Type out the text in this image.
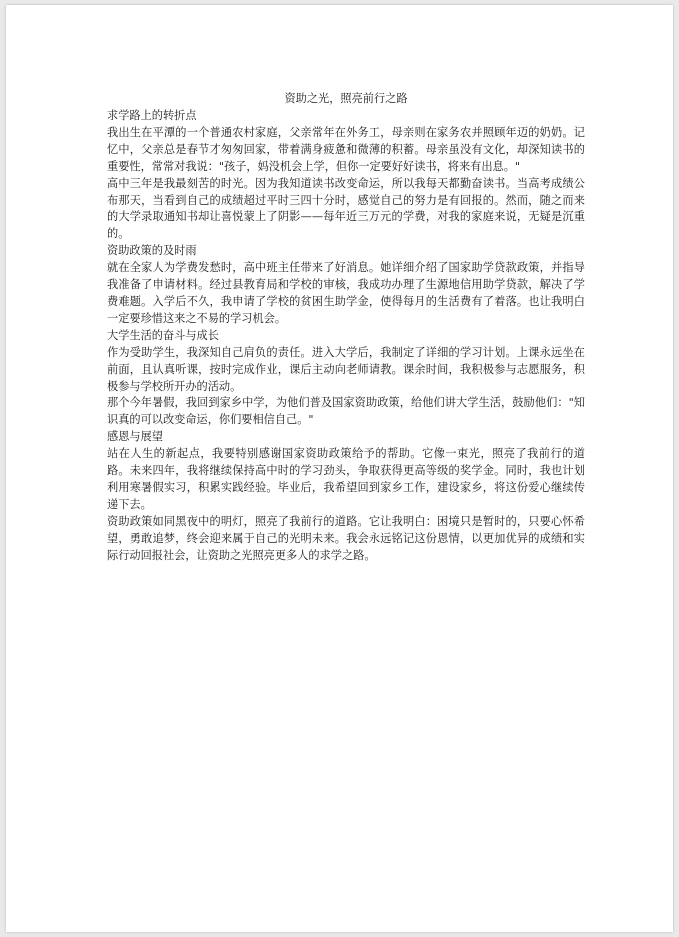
资助之光，照亮前行之路
求学路上的转折点

我出生在平潭的一个普通农村家庭，父亲常年在外务工，母亲则在家务农并照顾年迈的奶奶。记忆中，父亲总是春节才匆匆回家，带着满身疲惫和微薄的积蓄。母亲虽没有文化，却深知读书的重要性，常常对我说："孩子，妈没机会上学，但你一定要好好读书，将来有出息。"

高中三年是我最刻苦的时光。因为我知道读书改变命运，所以我每天都勤奋读书。当高考成绩公布那天，当看到自己的成绩超过平时三四十分时，感觉自己的努力是有回报的。然而，随之而来的大学录取通知书却让喜悦蒙上了阴影——每年近三万元的学费，对我的家庭来说，无疑是沉重的。

资助政策的及时雨

就在全家人为学费发愁时，高中班主任带来了好消息。她详细介绍了国家助学贷款政策，并指导我准备了申请材料。经过县教育局和学校的审核，我成功办理了生源地信用助学贷款，解决了学费难题。入学后不久，我申请了学校的贫困生助学金，使得每月的生活费有了着落。也让我明白一定要珍惜这来之不易的学习机会。

大学生活的奋斗与成长

作为受助学生，我深知自己肩负的责任。进入大学后，我制定了详细的学习计划。上课永远坐在前面，且认真听课，按时完成作业，课后主动向老师请教。课余时间，我积极参与志愿服务，积极参与学校所开办的活动。

那个今年暑假，我回到家乡中学，为他们普及国家资助政策，给他们讲大学生活，鼓励他们："知识真的可以改变命运，你们要相信自己。"

感恩与展望

站在人生的新起点，我要特别感谢国家资助政策给予的帮助。它像一束光，照亮了我前行的道路。未来四年，我将继续保持高中时的学习劲头，争取获得更高等级的奖学金。同时，我也计划利用寒暑假实习，积累实践经验。毕业后，我希望回到家乡工作，建设家乡，将这份爱心继续传递下去。

资助政策如同黑夜中的明灯，照亮了我前行的道路。它让我明白：困境只是暂时的，只要心怀希望，勇敢追梦，终会迎来属于自己的光明未来。我会永远铭记这份恩情，以更加优异的成绩和实际行动回报社会，让资助之光照亮更多人的求学之路。
